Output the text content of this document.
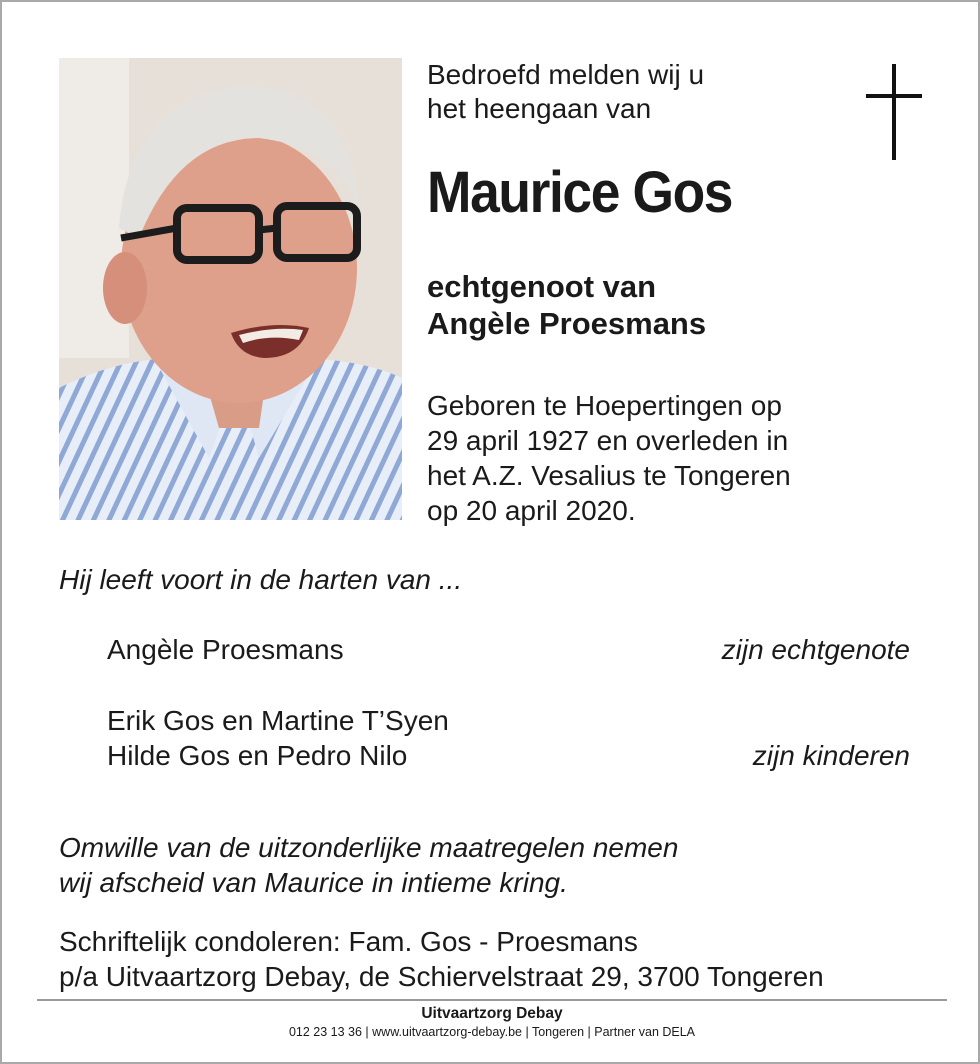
Bedroefd melden wij u
het heengaan van
Maurice Gos
echtgenoot van
Angèle Proesmans
Geboren te Hoepertingen op
29 april 1927 en overleden in
het A.Z. Vesalius te Tongeren
op 20 april 2020.
Hij leeft voort in de harten van ...
Angèle Proesmans	zijn echtgenote
Erik Gos en Martine T’Syen
Hilde Gos en Pedro Nilo	zijn kinderen
Omwille van de uitzonderlijke maatregelen nemen
wij afscheid van Maurice in intieme kring.
Schriftelijk condoleren: Fam. Gos - Proesmans
p/a Uitvaartzorg Debay, de Schiervelstraat 29, 3700 Tongeren
Uitvaartzorg Debay
012 23 13 36 | www.uitvaartzorg-debay.be | Tongeren | Partner van DELA
